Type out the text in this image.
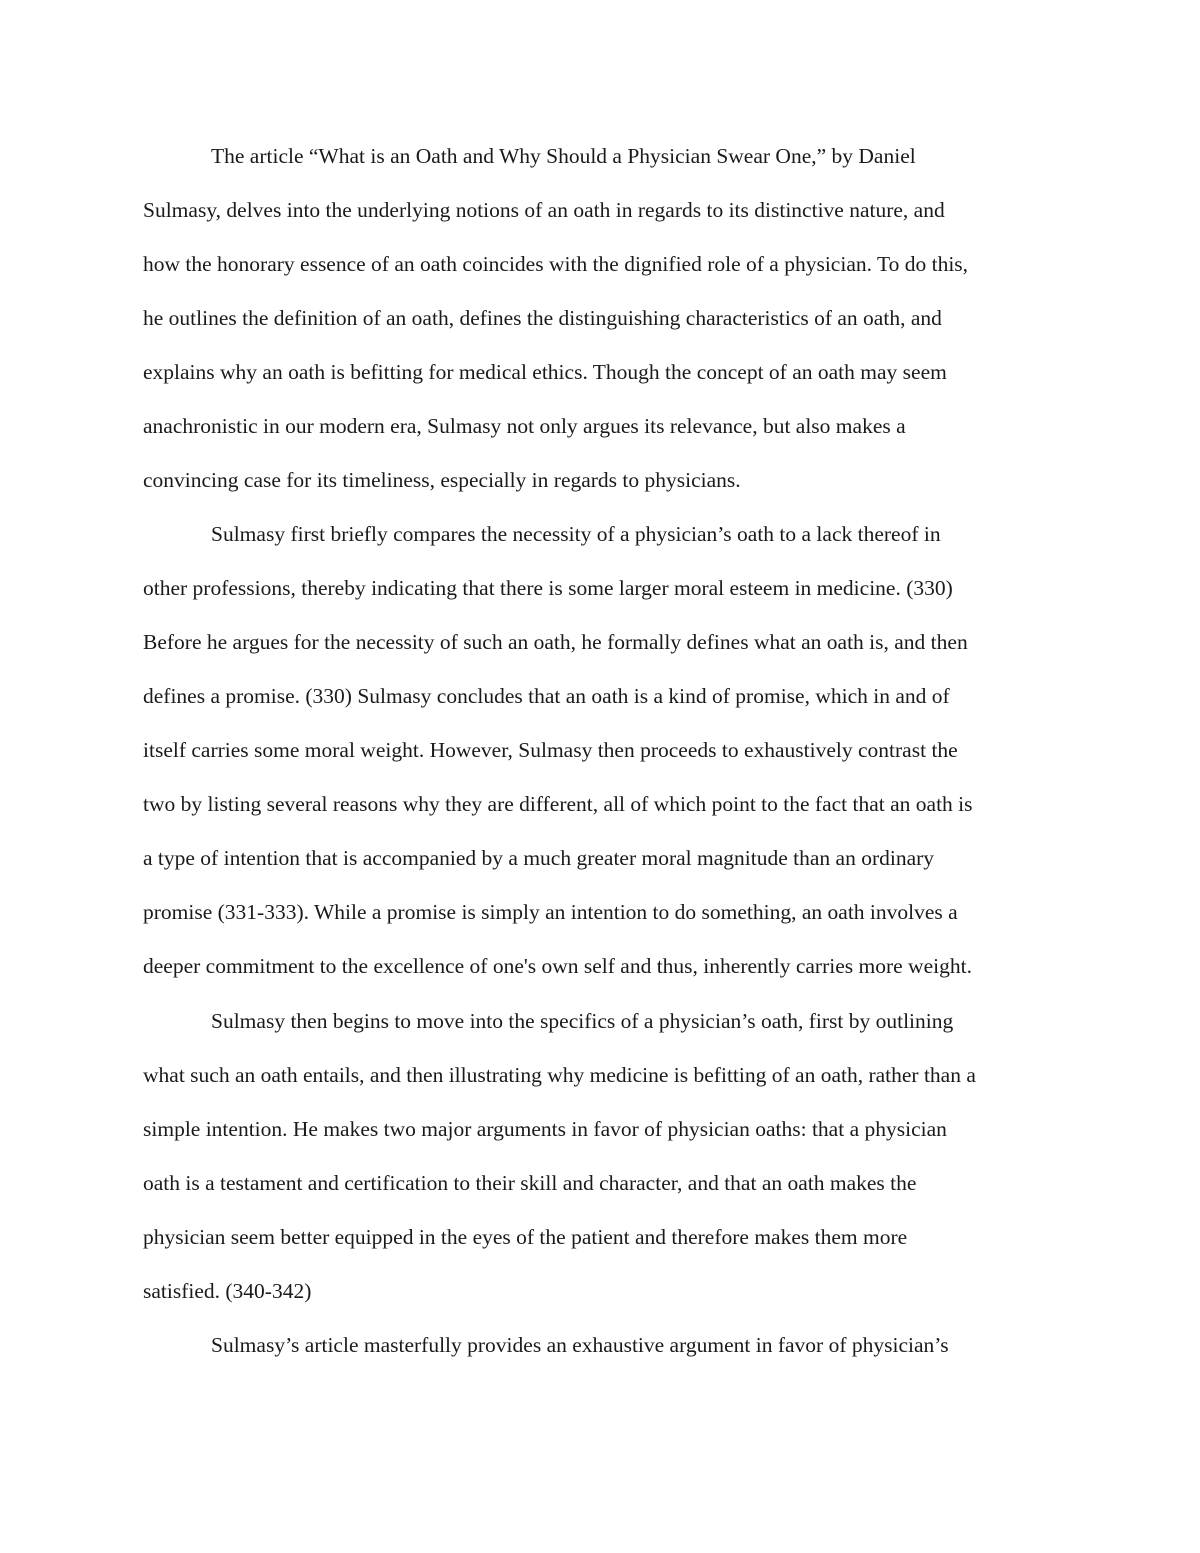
The article “What is an Oath and Why Should a Physician Swear One,” by Daniel
Sulmasy, delves into the underlying notions of an oath in regards to its distinctive nature, and
how the honorary essence of an oath coincides with the dignified role of a physician. To do this,
he outlines the definition of an oath, defines the distinguishing characteristics of an oath, and
explains why an oath is befitting for medical ethics. Though the concept of an oath may seem
anachronistic in our modern era, Sulmasy not only argues its relevance, but also makes a
convincing case for its timeliness, especially in regards to physicians.
Sulmasy first briefly compares the necessity of a physician’s oath to a lack thereof in
other professions, thereby indicating that there is some larger moral esteem in medicine. (330)
Before he argues for the necessity of such an oath, he formally defines what an oath is, and then
defines a promise. (330) Sulmasy concludes that an oath is a kind of promise, which in and of
itself carries some moral weight. However, Sulmasy then proceeds to exhaustively contrast the
two by listing several reasons why they are different, all of which point to the fact that an oath is
a type of intention that is accompanied by a much greater moral magnitude than an ordinary
promise (331-333). While a promise is simply an intention to do something, an oath involves a
deeper commitment to the excellence of one's own self and thus, inherently carries more weight.
Sulmasy then begins to move into the specifics of a physician’s oath, first by outlining
what such an oath entails, and then illustrating why medicine is befitting of an oath, rather than a
simple intention. He makes two major arguments in favor of physician oaths: that a physician
oath is a testament and certification to their skill and character, and that an oath makes the
physician seem better equipped in the eyes of the patient and therefore makes them more
satisfied. (340-342)
Sulmasy’s article masterfully provides an exhaustive argument in favor of physician’s
